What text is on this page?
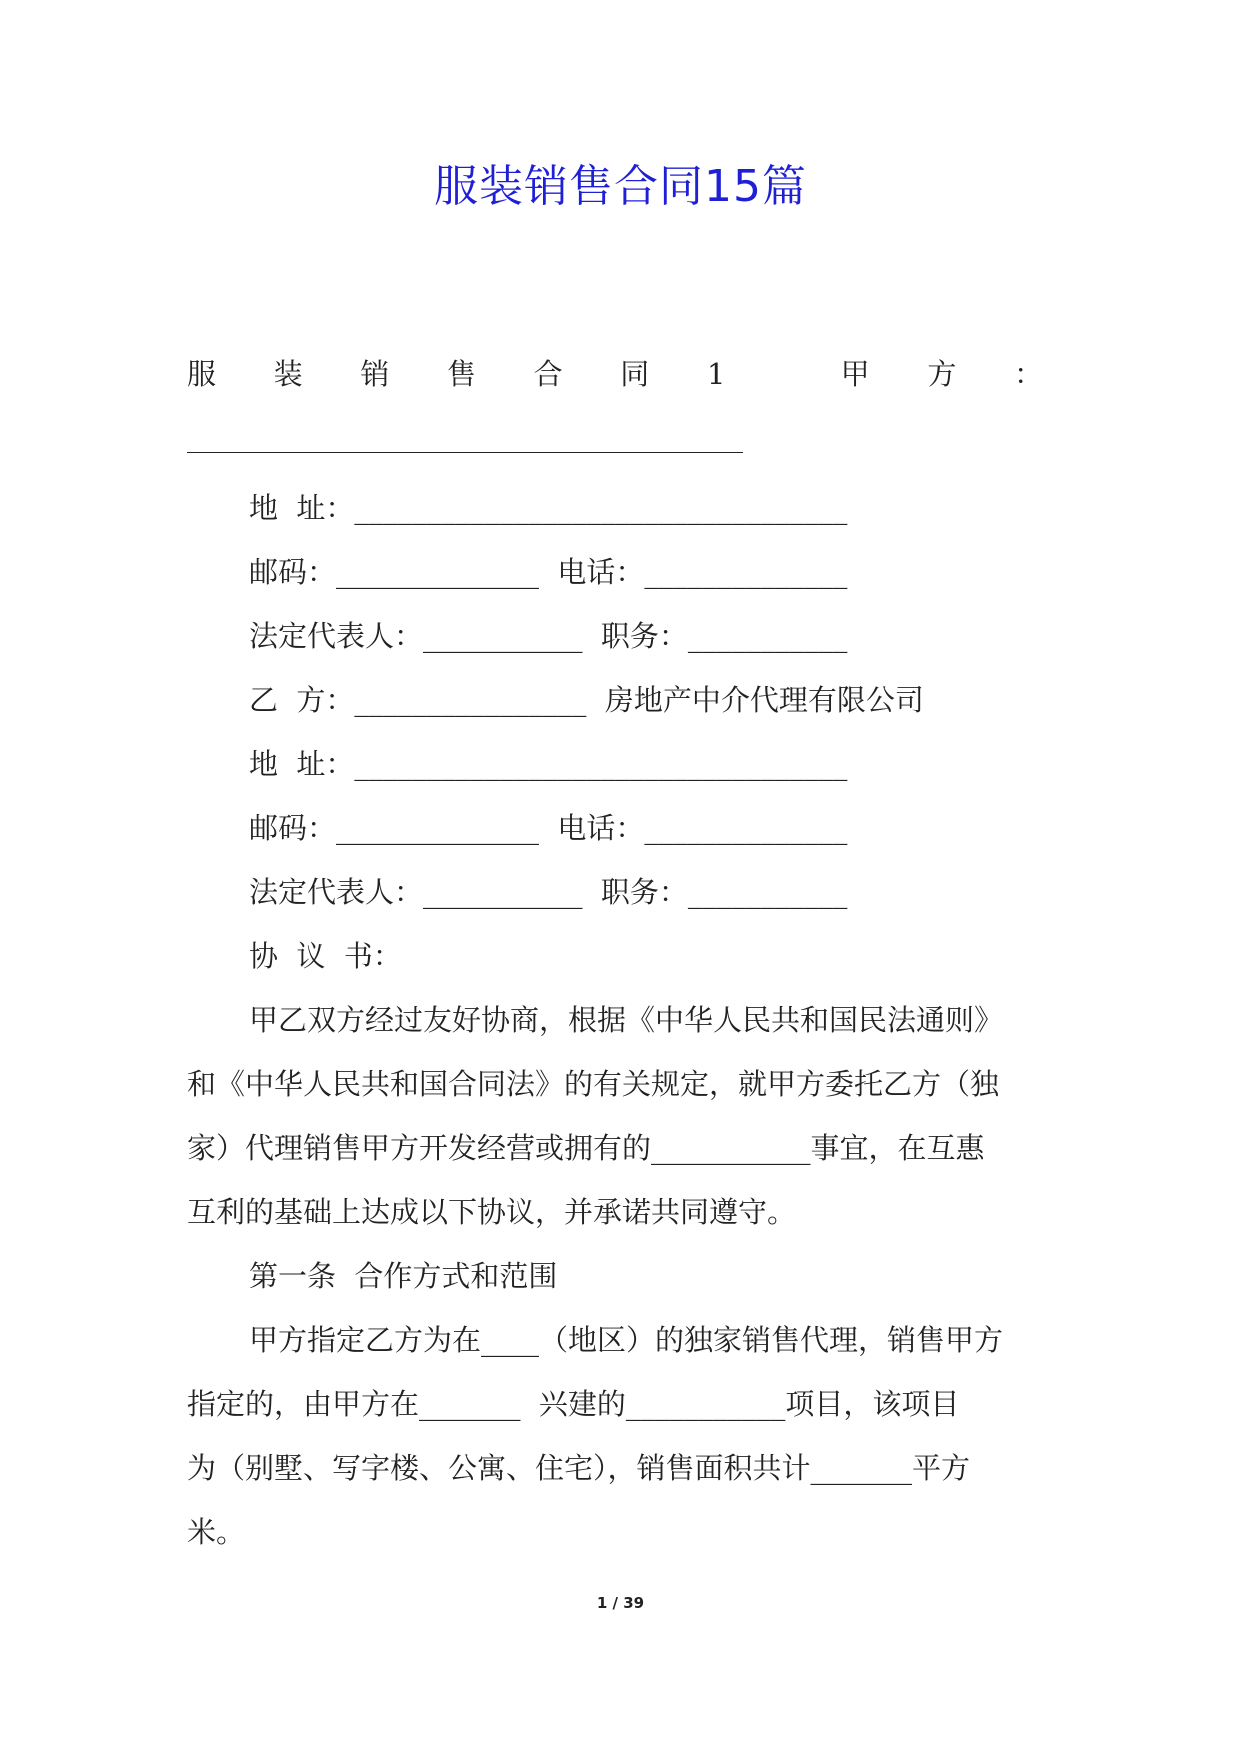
服装销售合同15篇
服 装 销 售 合 同 1	甲 方 ：
地  址：__________________________________
邮码：______________  电话：______________
法定代表人：___________  职务：___________
乙  方：________________  房地产中介代理有限公司
地  址：__________________________________
邮码：______________  电话：______________
法定代表人：___________  职务：___________
协  议  书：
甲乙双方经过友好协商，根据《中华人民共和国民法通则》
和《中华人民共和国合同法》的有关规定，就甲方委托乙方（独
家）代理销售甲方开发经营或拥有的___________事宜，在互惠
互利的基础上达成以下协议，并承诺共同遵守。
第一条  合作方式和范围
甲方指定乙方为在____（地区）的独家销售代理，销售甲方
指定的，由甲方在_______  兴建的___________项目，该项目
为（别墅、写字楼、公寓、住宅），销售面积共计_______平方
米。
1 / 39
